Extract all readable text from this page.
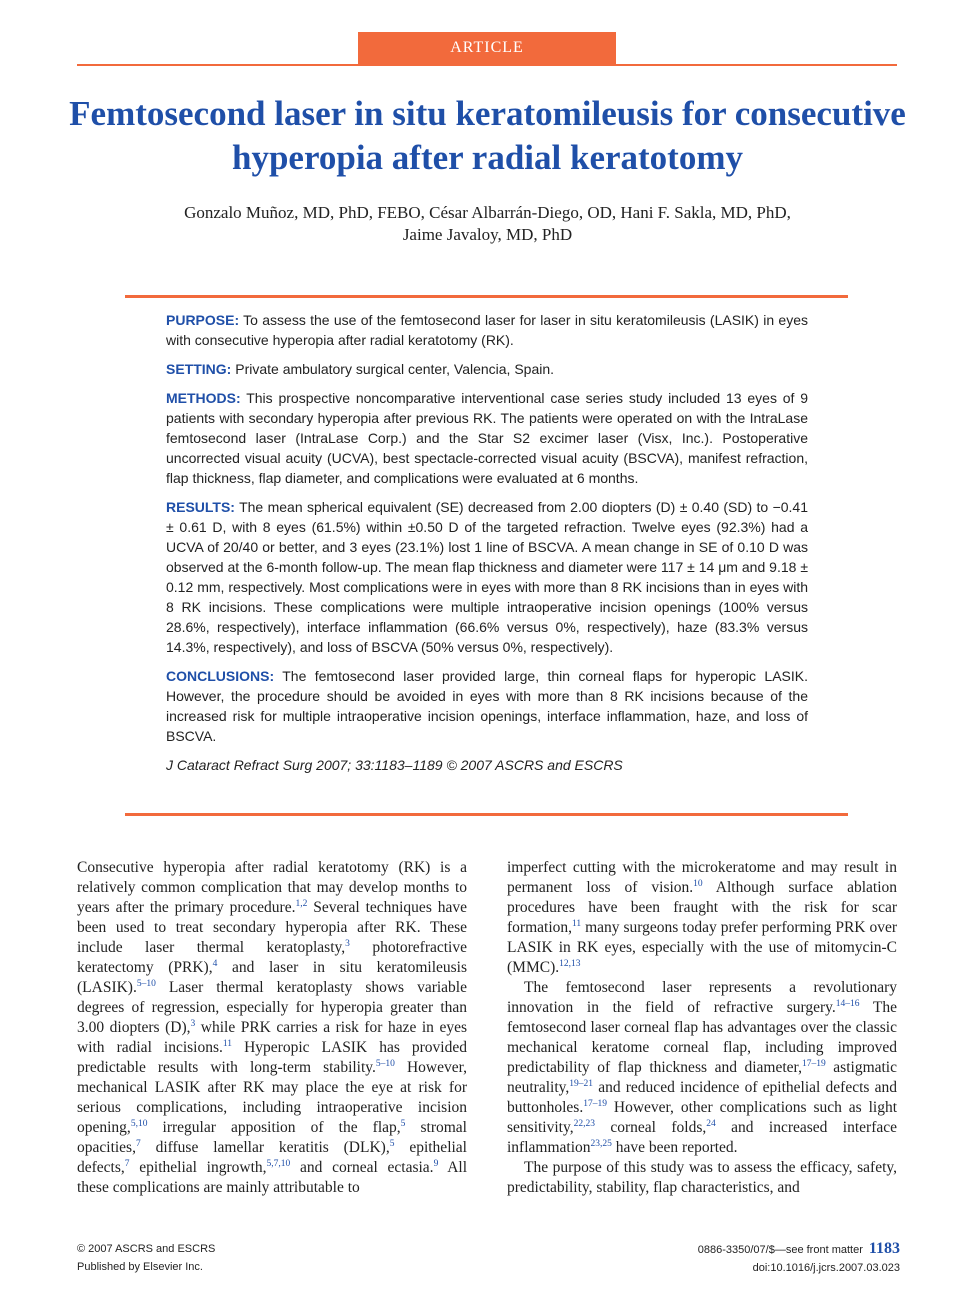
ARTICLE
Femtosecond laser in situ keratomileusis for consecutive hyperopia after radial keratotomy
Gonzalo Muñoz, MD, PhD, FEBO, César Albarrán-Diego, OD, Hani F. Sakla, MD, PhD,
Jaime Javaloy, MD, PhD

PURPOSE: To assess the use of the femtosecond laser for laser in situ keratomileusis (LASIK) in eyes with consecutive hyperopia after radial keratotomy (RK).

SETTING: Private ambulatory surgical center, Valencia, Spain.

METHODS: This prospective noncomparative interventional case series study included 13 eyes of 9 patients with secondary hyperopia after previous RK. The patients were operated on with the IntraLase femtosecond laser (IntraLase Corp.) and the Star S2 excimer laser (Visx, Inc.). Postoperative uncorrected visual acuity (UCVA), best spectacle-corrected visual acuity (BSCVA), manifest refraction, flap thickness, flap diameter, and complications were evaluated at 6 months.

RESULTS: The mean spherical equivalent (SE) decreased from 2.00 diopters (D) ± 0.40 (SD) to −0.41 ± 0.61 D, with 8 eyes (61.5%) within ±0.50 D of the targeted refraction. Twelve eyes (92.3%) had a UCVA of 20/40 or better, and 3 eyes (23.1%) lost 1 line of BSCVA. A mean change in SE of 0.10 D was observed at the 6-month follow-up. The mean flap thickness and diameter were 117 ± 14 μm and 9.18 ± 0.12 mm, respectively. Most complications were in eyes with more than 8 RK incisions than in eyes with 8 RK incisions. These complications were multiple intraoperative incision openings (100% versus 28.6%, respectively), interface inflammation (66.6% versus 0%, respectively), haze (83.3% versus 14.3%, respectively), and loss of BSCVA (50% versus 0%, respectively).

CONCLUSIONS: The femtosecond laser provided large, thin corneal flaps for hyperopic LASIK. However, the procedure should be avoided in eyes with more than 8 RK incisions because of the increased risk for multiple intraoperative incision openings, interface inflammation, haze, and loss of BSCVA.

J Cataract Refract Surg 2007; 33:1183–1189 © 2007 ASCRS and ESCRS

Consecutive hyperopia after radial keratotomy (RK) is a relatively common complication that may develop months to years after the primary procedure.$^{1,2}$ Several techniques have been used to treat secondary hyperopia after RK. These include laser thermal keratoplasty,$^3$ photorefractive keratectomy (PRK),$^4$ and laser in situ keratomileusis (LASIK).$^{5-10}$ Laser thermal keratoplasty shows variable degrees of regression, especially for hyperopia greater than 3.00 diopters (D),$^3$ while PRK carries a risk for haze in eyes with radial incisions.$^{11}$ Hyperopic LASIK has provided predictable results with long-term stability.$^{5-10}$ However, mechanical LASIK after RK may place the eye at risk for serious complications, including intraoperative incision opening,$^{5,10}$ irregular apposition of the flap,$^5$ stromal opacities,$^7$ diffuse lamellar keratitis (DLK),$^5$ epithelial defects,$^7$ epithelial ingrowth,$^{5,7,10}$ and corneal ectasia.$^9$ All these complications are mainly attributable to

imperfect cutting with the microkeratome and may result in permanent loss of vision.$^{10}$ Although surface ablation procedures have been fraught with the risk for scar formation,$^{11}$ many surgeons today prefer performing PRK over LASIK in RK eyes, especially with the use of mitomycin-C (MMC).$^{12,13}$

The femtosecond laser represents a revolutionary innovation in the field of refractive surgery.$^{14-16}$ The femtosecond laser corneal flap has advantages over the classic mechanical keratome corneal flap, including improved predictability of flap thickness and diameter,$^{17-19}$ astigmatic neutrality,$^{19-21}$ and reduced incidence of epithelial defects and buttonholes.$^{17-19}$ However, other complications such as light sensitivity,$^{22,23}$ corneal folds,$^{24}$ and increased interface inflammation$^{23,25}$ have been reported.

The purpose of this study was to assess the efficacy, safety, predictability, stability, flap characteristics, and

© 2007 ASCRS and ESCRS
Published by Elsevier Inc.
0886-3350/07/$—see front matter 1183
doi:10.1016/j.jcrs.2007.03.023
